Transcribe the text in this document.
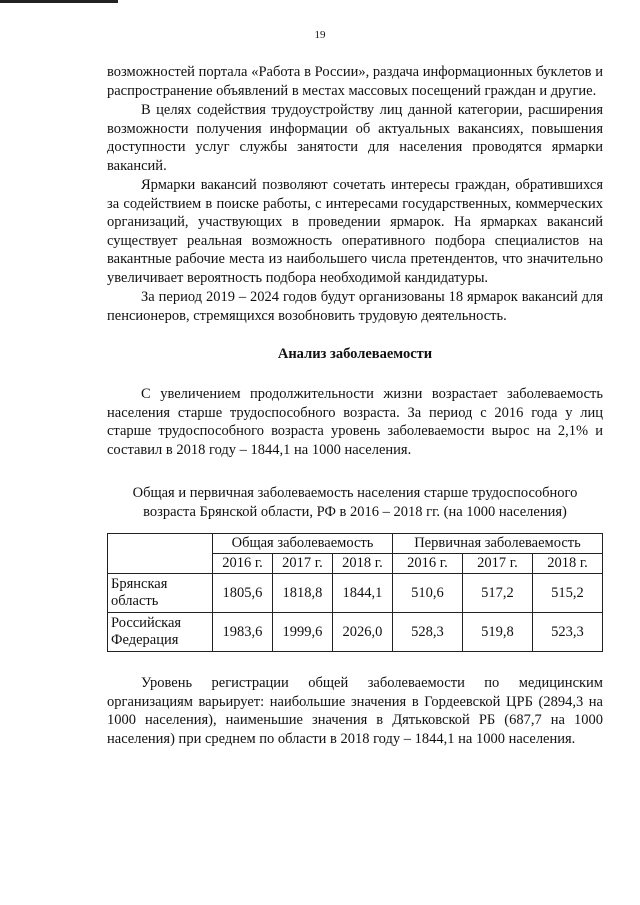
19

возможностей портала «Работа в России», раздача информационных буклетов и распространение объявлений в местах массовых посещений граждан и другие.

В целях содействия трудоустройству лиц данной категории, расширения возможности получения информации об актуальных вакансиях, повышения доступности услуг службы занятости для населения проводятся ярмарки вакансий.

Ярмарки вакансий позволяют сочетать интересы граждан, обратившихся за содействием в поиске работы, с интересами государственных, коммерческих организаций, участвующих в проведении ярмарок. На ярмарках вакансий существует реальная возможность оперативного подбора специалистов на вакантные рабочие места из наибольшего числа претендентов, что значительно увеличивает вероятность подбора необходимой кандидатуры.

За период 2019 – 2024 годов будут организованы 18 ярмарок вакансий для пенсионеров, стремящихся возобновить трудовую деятельность.

Анализ заболеваемости

С увеличением продолжительности жизни возрастает заболеваемость населения старше трудоспособного возраста. За период с 2016 года у лиц старше трудоспособного возраста уровень заболеваемости вырос на 2,1% и составил в 2018 году – 1844,1 на 1000 населения.

Общая и первичная заболеваемость населения старше трудоспособного возраста Брянской области, РФ в 2016 – 2018 гг. (на 1000 населения)

	Общая заболеваемость			Первичная заболеваемость		
	2016 г.	2017 г.	2018 г.	2016 г.	2017 г.	2018 г.
Брянская область	1805,6	1818,8	1844,1	510,6	517,2	515,2
Российская Федерация	1983,6	1999,6	2026,0	528,3	519,8	523,3

Уровень регистрации общей заболеваемости по медицинским организациям варьирует: наибольшие значения в Гордеевской ЦРБ (2894,3 на 1000 населения), наименьшие значения в Дятьковской РБ (687,7 на 1000 населения) при среднем по области в 2018 году – 1844,1 на 1000 населения.
